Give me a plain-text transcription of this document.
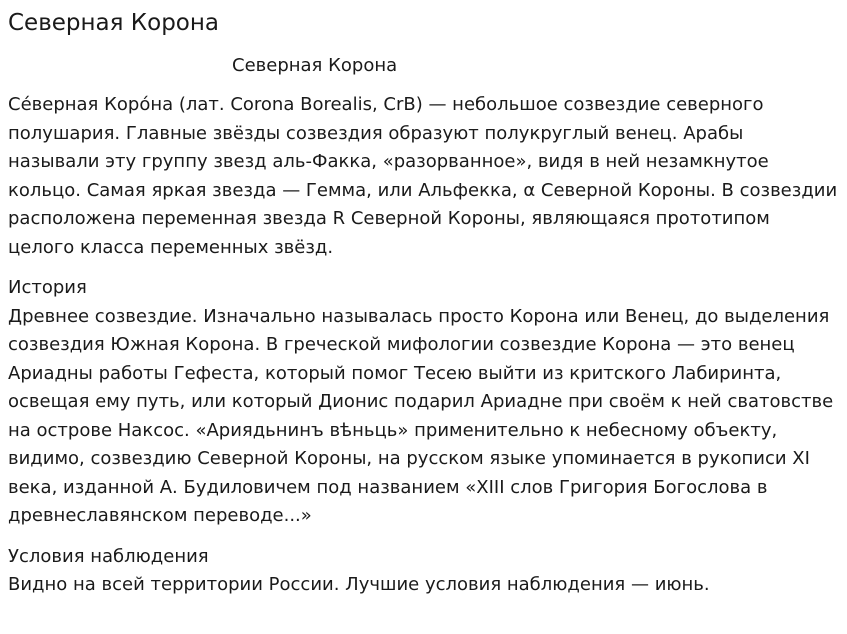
Северная Корона
Северная Корона

Се́верная Коро́на (лат. Corona Borealis, CrB) — небольшое созвездие северного полушария. Главные звёзды созвездия образуют полукруглый венец. Арабы называли эту группу звезд аль-Факка, «разорванное», видя в ней незамкнутое кольцо. Самая яркая звезда — Гемма, или Альфекка, α Северной Короны. В созвездии расположена переменная звезда R Северной Короны, являющаяся прототипом целого класса переменных звёзд.

История

Древнее созвездие. Изначально называлась просто Корона или Венец, до выделения созвездия Южная Корона. В греческой мифологии созвездие Корона — это венец Ариадны работы Гефеста, который помог Тесею выйти из критского Лабиринта, освещая ему путь, или который Дионис подарил Ариадне при своём к ней сватовстве на острове Наксос. «Ариядьнинъ вѣньць» применительно к небесному объекту, видимо, созвездию Северной Короны, на русском языке упоминается в рукописи XI века, изданной А. Будиловичем под названием «XIII слов Григория Богослова в древнеславянском переводе...»

Условия наблюдения

Видно на всей территории России. Лучшие условия наблюдения — июнь.
